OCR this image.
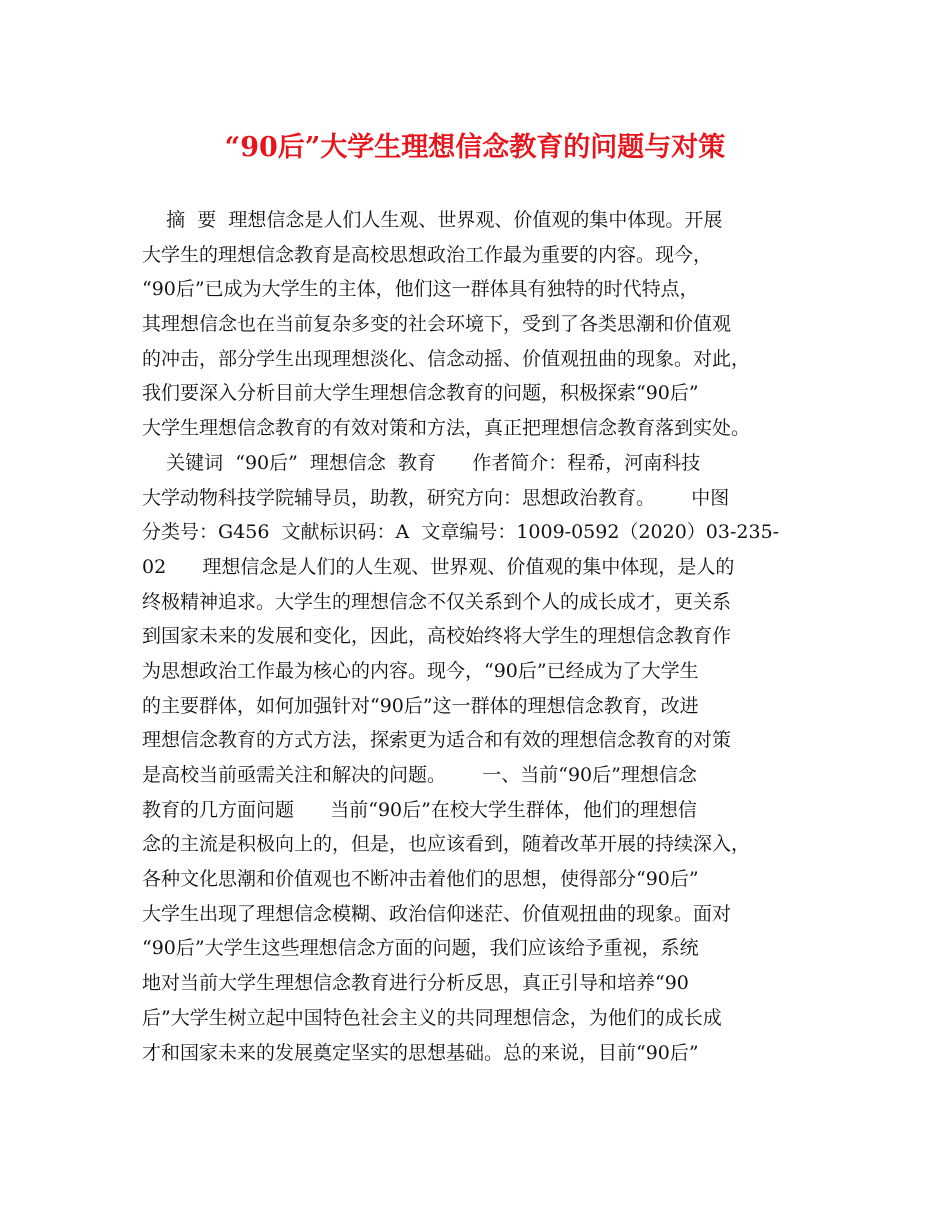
“90后”大学生理想信念教育的问题与对策
摘  要  理想信念是人们人生观、世界观、价值观的集中体现。开展
大学生的理想信念教育是高校思想政治工作最为重要的内容。现今，
“90后”已成为大学生的主体，他们这一群体具有独特的时代特点，
其理想信念也在当前复杂多变的社会环境下，受到了各类思潮和价值观
的冲击，部分学生出现理想淡化、信念动摇、价值观扭曲的现象。对此，
我们要深入分析目前大学生理想信念教育的问题，积极探索“90后”
大学生理想信念教育的有效对策和方法，真正把理想信念教育落到实处。
关键词  “90后”  理想信念  教育      作者简介：程希，河南科技
大学动物科技学院辅导员，助教，研究方向：思想政治教育。      中图
分类号：G456  文献标识码：A  文章编号：1009-0592（2020）03-235-
02      理想信念是人们的人生观、世界观、价值观的集中体现，是人的
终极精神追求。大学生的理想信念不仅关系到个人的成长成才，更关系
到国家未来的发展和变化，因此，高校始终将大学生的理想信念教育作
为思想政治工作最为核心的内容。现今，“90后”已经成为了大学生
的主要群体，如何加强针对“90后”这一群体的理想信念教育，改进
理想信念教育的方式方法，探索更为适合和有效的理想信念教育的对策
是高校当前亟需关注和解决的问题。      一、当前“90后”理想信念
教育的几方面问题      当前“90后”在校大学生群体，他们的理想信
念的主流是积极向上的，但是，也应该看到，随着改革开展的持续深入，
各种文化思潮和价值观也不断冲击着他们的思想，使得部分“90后”
大学生出现了理想信念模糊、政治信仰迷茫、价值观扭曲的现象。面对
“90后”大学生这些理想信念方面的问题，我们应该给予重视，系统
地对当前大学生理想信念教育进行分析反思，真正引导和培养“90
后”大学生树立起中国特色社会主义的共同理想信念，为他们的成长成
才和国家未来的发展奠定坚实的思想基础。总的来说，目前“90后”
